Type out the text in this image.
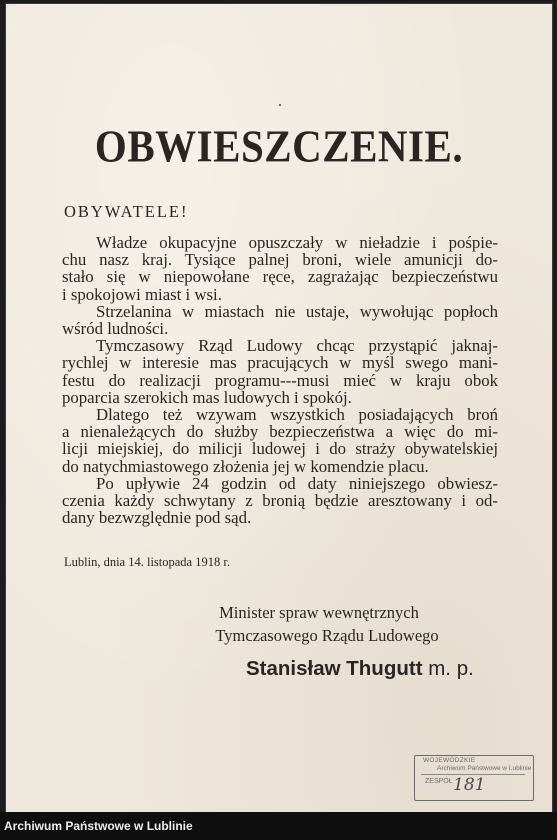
OBWIESZCZENIE.
OBYWATELE!
Władze okupacyjne opuszczały w nieładzie i pośpie-
chu nasz kraj. Tysiące palnej broni, wiele amunicji do-
stało się w niepowołane ręce, zagrażając bezpieczeństwu
i spokojowi miast i wsi.
Strzelanina w miastach nie ustaje, wywołując popłoch
wśród ludności.
Tymczasowy Rząd Ludowy chcąc przystąpić jaknaj-
rychlej w interesie mas pracujących w myśl swego mani-
festu do realizacji programu---musi mieć w kraju obok
poparcia szerokich mas ludowych i spokój.
Dlatego też wzywam wszystkich posiadających broń
a nienależących do służby bezpieczeństwa a więc do mi-
licji miejskiej, do milicji ludowej i do straży obywatelskiej
do natychmiastowego złożenia jej w komendzie placu.
Po upływie 24 godzin od daty niniejszego obwiesz-
czenia każdy schwytany z bronią będzie aresztowany i od-
dany bezwzględnie pod sąd.
Lublin, dnia 14. listopada 1918 r.
Minister spraw wewnętrznych
Tymczasowego Rządu Ludowego
Stanisław Thugutt m. p.
WOJEWÓDZKIE
Archiwum Państwowe w Lublinie
ZESPÓŁ 181
Archiwum Państwowe w Lublinie
